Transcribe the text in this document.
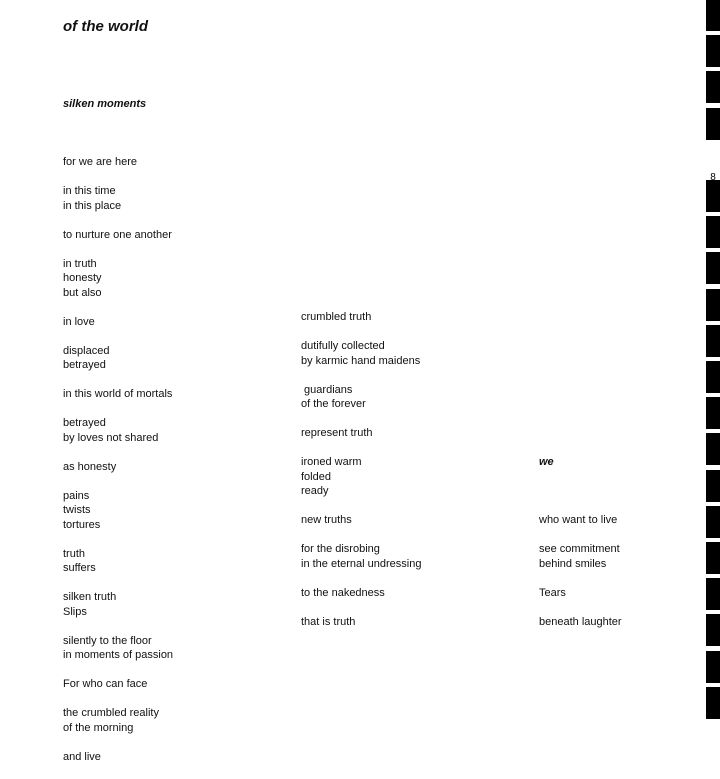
of the world

silken moments

for we are here
in this time
in this place
to nurture one another
in truth
honesty
but also
in love
displaced
betrayed
in this world of mortals
betrayed
by loves not shared
as honesty
pains
twists
tortures
truth
suffers
silken truth
Slips
silently to the floor
in moments of passion
For who can face
the crumbled reality
of the morning
and live

crumbled truth
dutifully collected
by karmic hand maidens
guardians
of the forever
represent truth
ironed warm
folded
ready
new truths
for the disrobing
in the eternal undressing
to the nakedness
that is truth

we

who want to live
see commitment
behind smiles
Tears
beneath laughter

8
